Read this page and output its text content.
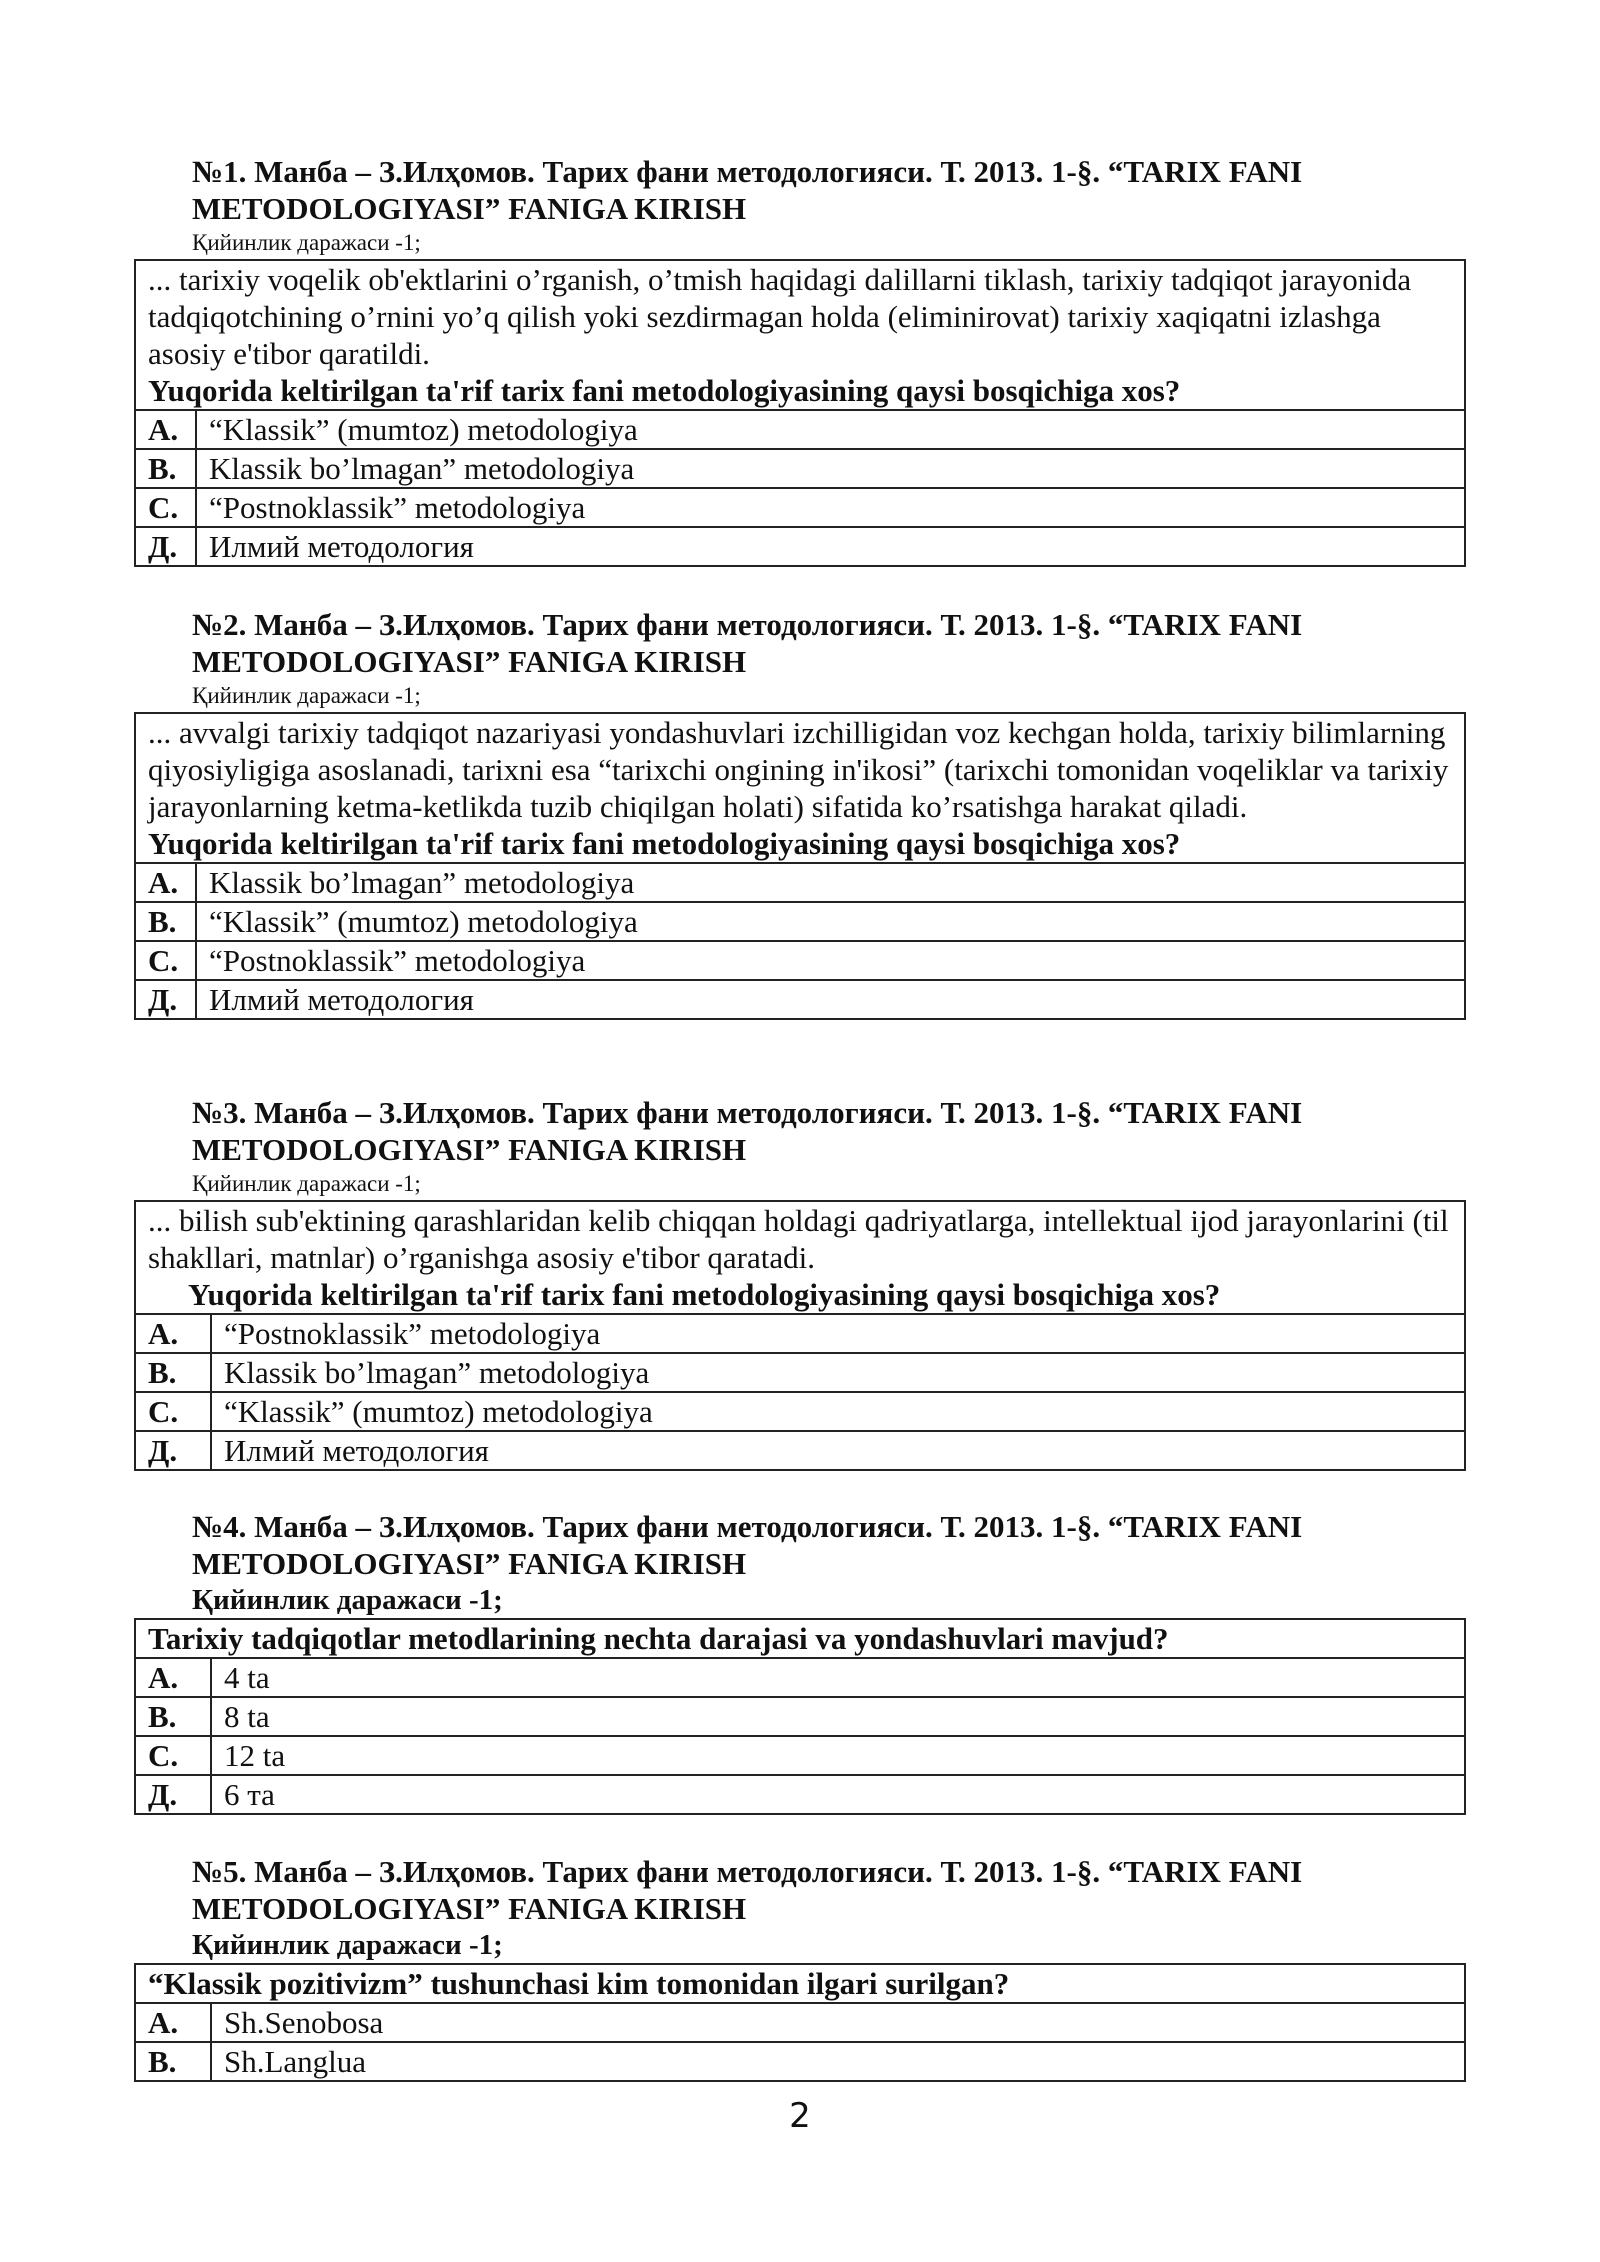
№1. Манба – З.Илҳомов. Тарих фани методологияси. Т. 2013. 1-§. “TARIX FANI
METODOLOGIYASI” FANIGA KIRISH
Қийинлик даражаси -1;
... tarixiy voqelik ob'ektlarini o’rganish, o’tmish haqidagi dalillarni tiklash, tarixiy tadqiqot jarayonida tadqiqotchining o’rnini yo’q qilish yoki sezdirmagan holda (eliminirovat) tarixiy xaqiqatni izlashga asosiy e'tibor qaratildi.
Yuqorida keltirilgan ta'rif tarix fani metodologiyasining qaysi bosqichiga xos?	

A.	“Klassik” (mumtoz) metodologiya
B.	Klassik bo’lmagan” metodologiya
C.	“Postnoklassik” metodologiya
Д.	Илмий методология
№2. Манба – З.Илҳомов. Тарих фани методологияси. Т. 2013. 1-§. “TARIX FANI
METODOLOGIYASI” FANIGA KIRISH
Қийинлик даражаси -1;
... avvalgi tarixiy tadqiqot nazariyasi yondashuvlari izchilligidan voz kechgan holda, tarixiy bilimlarning qiyosiyligiga asoslanadi, tarixni esa “tarixchi ongining in'ikosi” (tarixchi tomonidan voqeliklar va tarixiy jarayonlarning ketma-ketlikda tuzib chiqilgan holati) sifatida ko’rsatishga harakat qiladi.
Yuqorida keltirilgan ta'rif tarix fani metodologiyasining qaysi bosqichiga xos?	

A.	Klassik bo’lmagan” metodologiya
B.	“Klassik” (mumtoz) metodologiya
C.	“Postnoklassik” metodologiya
Д.	Илмий методология
№3. Манба – З.Илҳомов. Тарих фани методологияси. Т. 2013. 1-§. “TARIX FANI
METODOLOGIYASI” FANIGA KIRISH
Қийинлик даражаси -1;
... bilish sub'ektining qarashlaridan kelib chiqqan holdagi qadriyatlarga, intellektual ijod jarayonlarini (til shakllari, matnlar) o’rganishga asosiy e'tibor qaratadi.
Yuqorida keltirilgan ta'rif tarix fani metodologiyasining qaysi bosqichiga xos?	

A.	“Postnoklassik” metodologiya
B.	Klassik bo’lmagan” metodologiya
C.	“Klassik” (mumtoz) metodologiya
Д.	Илмий методология
№4. Манба – З.Илҳомов. Тарих фани методологияси. Т. 2013. 1-§. “TARIX FANI
METODOLOGIYASI” FANIGA KIRISH
Қийинлик даражаси -1;
Tarixiy tadqiqotlar metodlarining nechta darajasi va yondashuvlari mavjud?	

A.	4 ta
B.	8 ta
C.	12 ta
Д.	6 та
№5. Манба – З.Илҳомов. Тарих фани методологияси. Т. 2013. 1-§. “TARIX FANI
METODOLOGIYASI” FANIGA KIRISH
Қийинлик даражаси -1;
“Klassik pozitivizm” tushunchasi kim tomonidan ilgari surilgan?	

A.	Sh.Senobosa
B.	Sh.Langlua
2
